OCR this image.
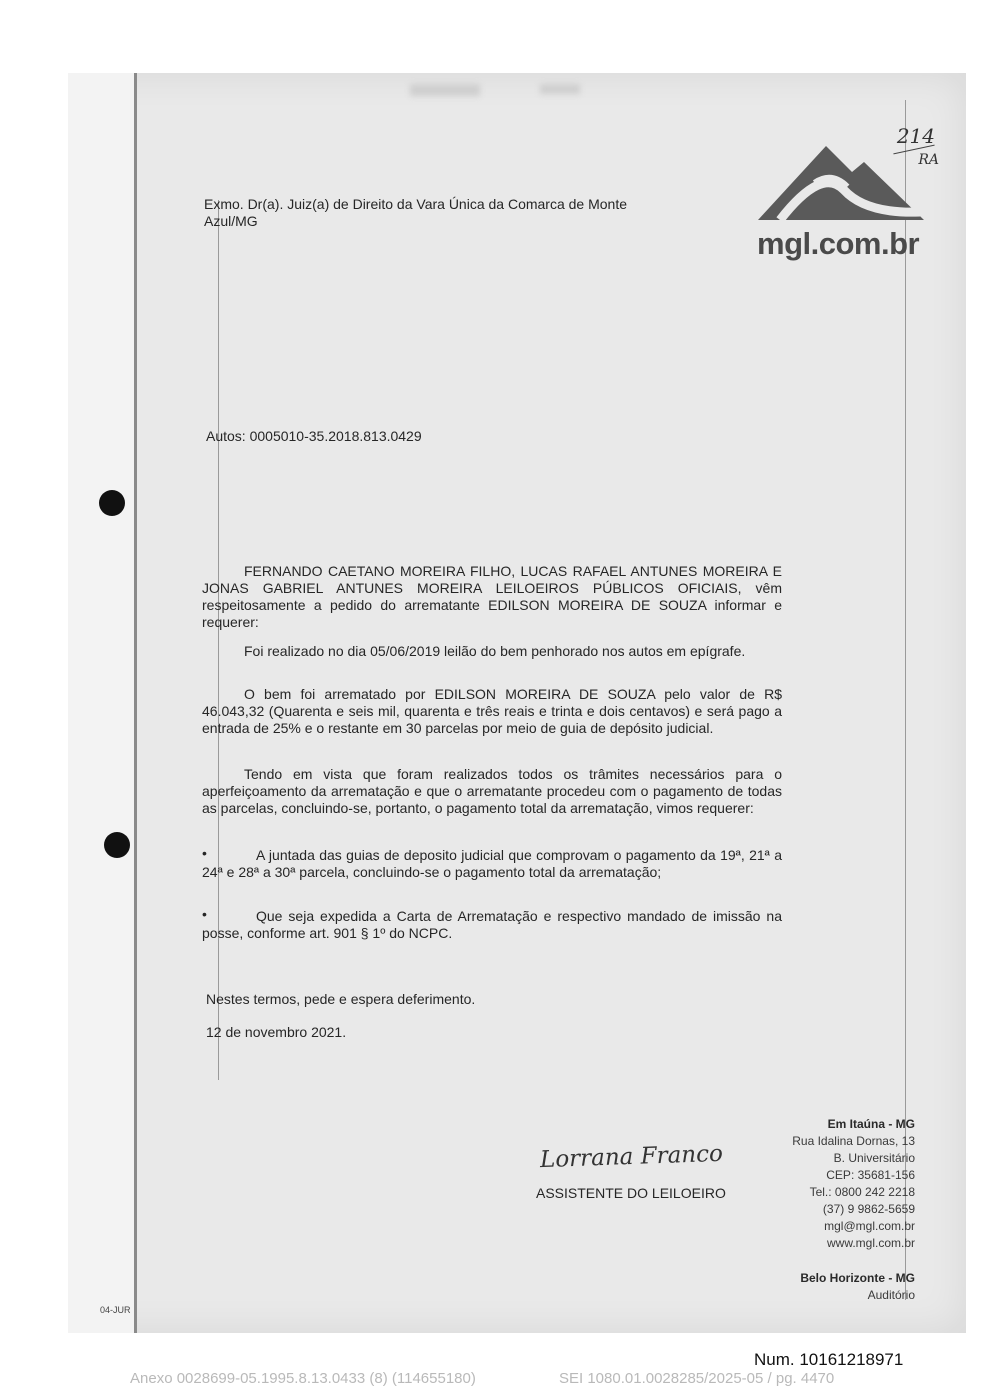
214
RA
mgl.com.br
Exmo. Dr(a). Juiz(a) de Direito da Vara Única da Comarca de Monte
Azul/MG
Autos: 0005010-35.2018.813.0429
FERNANDO CAETANO MOREIRA FILHO, LUCAS RAFAEL ANTUNES MOREIRA E JONAS GABRIEL ANTUNES MOREIRA LEILOEIROS PÚBLICOS OFICIAIS, vêm respeitosamente a pedido do arrematante EDILSON MOREIRA DE SOUZA informar e requerer:
Foi realizado no dia 05/06/2019 leilão do bem penhorado nos autos em epígrafe.
O bem foi arrematado por EDILSON MOREIRA DE SOUZA pelo valor de R$ 46.043,32 (Quarenta e seis mil, quarenta e três reais e trinta e dois centavos) e será pago a entrada de 25% e o restante em 30 parcelas por meio de guia de depósito judicial.
Tendo em vista que foram realizados todos os trâmites necessários para o aperfeiçoamento da arrematação e que o arrematante procedeu com o pagamento de todas as parcelas, concluindo-se, portanto, o pagamento total da arrematação, vimos requerer:
•	A juntada das guias de deposito judicial que comprovam o pagamento da 19ª, 21ª a 24ª e 28ª a 30ª parcela, concluindo-se o pagamento total da arrematação;
•	Que seja expedida a Carta de Arrematação e respectivo mandado de imissão na posse, conforme art. 901 § 1º do NCPC.
Nestes termos, pede e espera deferimento.
12 de novembro 2021.
Lorrana Franco
ASSISTENTE DO LEILOEIRO
Em Itaúna - MG
Rua Idalina Dornas, 13
B. Universitário
CEP: 35681-156
Tel.: 0800 242 2218
(37) 9 9862-5659
mgl@mgl.com.br
www.mgl.com.br
Belo Horizonte - MG
Auditório
04-JUR
Num. 10161218971
Anexo 0028699-05.1995.8.13.0433 (8) (114655180)	SEI 1080.01.0028285/2025-05 / pg. 4470
